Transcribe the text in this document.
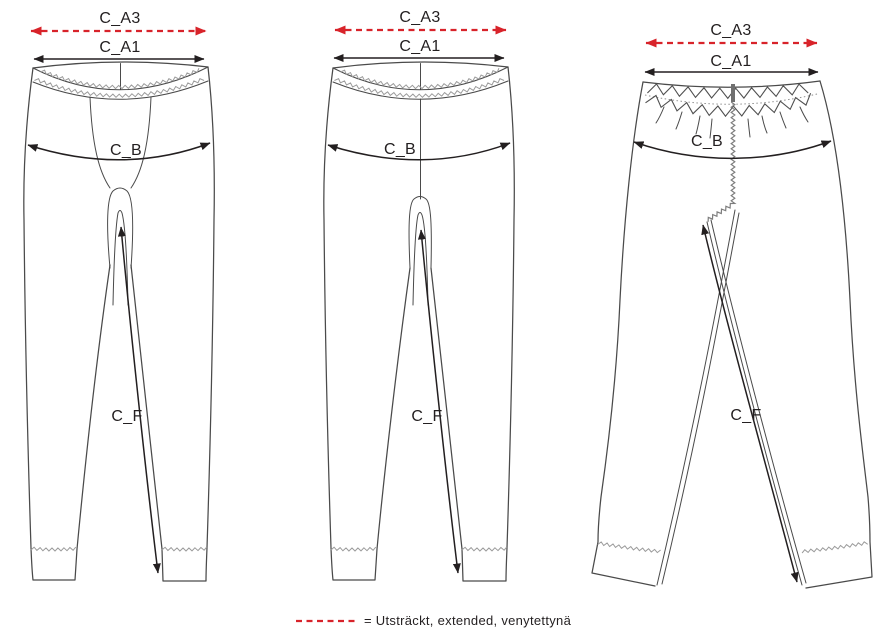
C_A3
C_A1
C_B
C_F
C_A3
C_A1
C_B
C_F
C_A3
C_A1
C_B
C_F
= Utsträckt, extended, venytettynä
